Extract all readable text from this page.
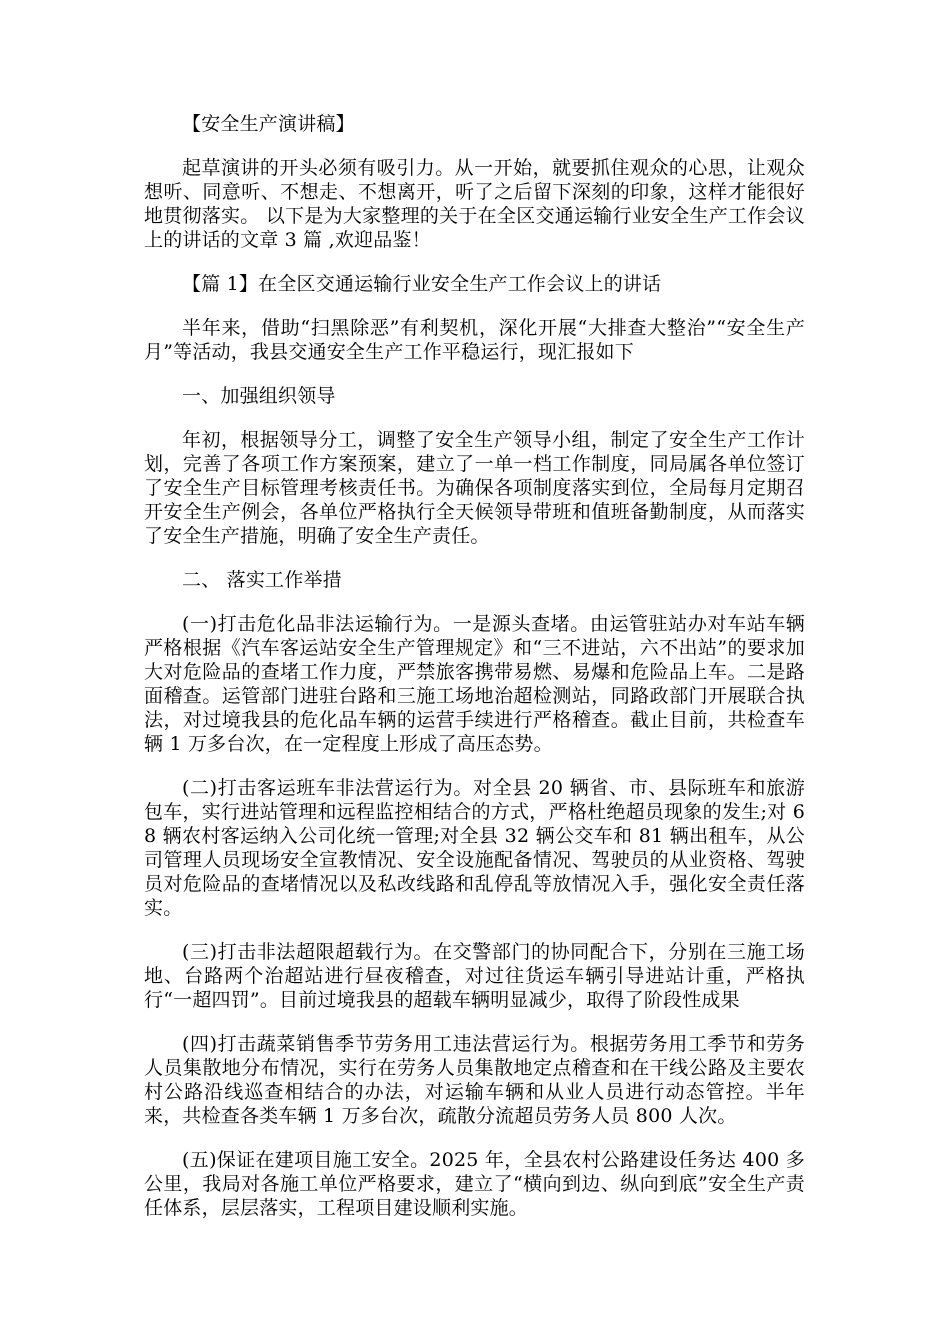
【安全生产演讲稿】

起草演讲的开头必须有吸引力。从一开始，就要抓住观众的心思，让观众想听、同意听、不想走、不想离开，听了之后留下深刻的印象，这样才能很好地贯彻落实。 以下是为大家整理的关于在全区交通运输行业安全生产工作会议上的讲话的文章 3 篇 ,欢迎品鉴！

【篇 1】在全区交通运输行业安全生产工作会议上的讲话

半年来，借助“扫黑除恶”有利契机，深化开展“大排查大整治”“安全生产月”等活动，我县交通安全生产工作平稳运行，现汇报如下

一、加强组织领导

年初，根据领导分工，调整了安全生产领导小组，制定了安全生产工作计划，完善了各项工作方案预案，建立了一单一档工作制度，同局属各单位签订了安全生产目标管理考核责任书。为确保各项制度落实到位，全局每月定期召开安全生产例会，各单位严格执行全天候领导带班和值班备勤制度，从而落实了安全生产措施，明确了安全生产责任。

二、 落实工作举措

(一)打击危化品非法运输行为。一是源头查堵。由运管驻站办对车站车辆严格根据《汽车客运站安全生产管理规定》和“三不进站，六不出站”的要求加大对危险品的查堵工作力度，严禁旅客携带易燃、易爆和危险品上车。二是路面稽查。运管部门进驻台路和三施工场地治超检测站，同路政部门开展联合执法，对过境我县的危化品车辆的运营手续进行严格稽查。截止目前，共检查车辆 1 万多台次，在一定程度上形成了高压态势。

(二)打击客运班车非法营运行为。对全县 20 辆省、市、县际班车和旅游包车，实行进站管理和远程监控相结合的方式，严格杜绝超员现象的发生;对 68 辆农村客运纳入公司化统一管理;对全县 32 辆公交车和 81 辆出租车，从公司管理人员现场安全宣教情况、安全设施配备情况、驾驶员的从业资格、驾驶员对危险品的查堵情况以及私改线路和乱停乱等放情况入手，强化安全责任落实。

(三)打击非法超限超载行为。在交警部门的协同配合下，分别在三施工场地、台路两个治超站进行昼夜稽查，对过往货运车辆引导进站计重，严格执行“一超四罚”。目前过境我县的超载车辆明显减少，取得了阶段性成果

(四)打击蔬菜销售季节劳务用工违法营运行为。根据劳务用工季节和劳务人员集散地分布情况，实行在劳务人员集散地定点稽查和在干线公路及主要农村公路沿线巡查相结合的办法，对运输车辆和从业人员进行动态管控。半年来，共检查各类车辆 1 万多台次，疏散分流超员劳务人员 800 人次。

(五)保证在建项目施工安全。2025 年，全县农村公路建设任务达 400 多公里，我局对各施工单位严格要求，建立了“横向到边、纵向到底”安全生产责任体系，层层落实，工程项目建设顺利实施。
